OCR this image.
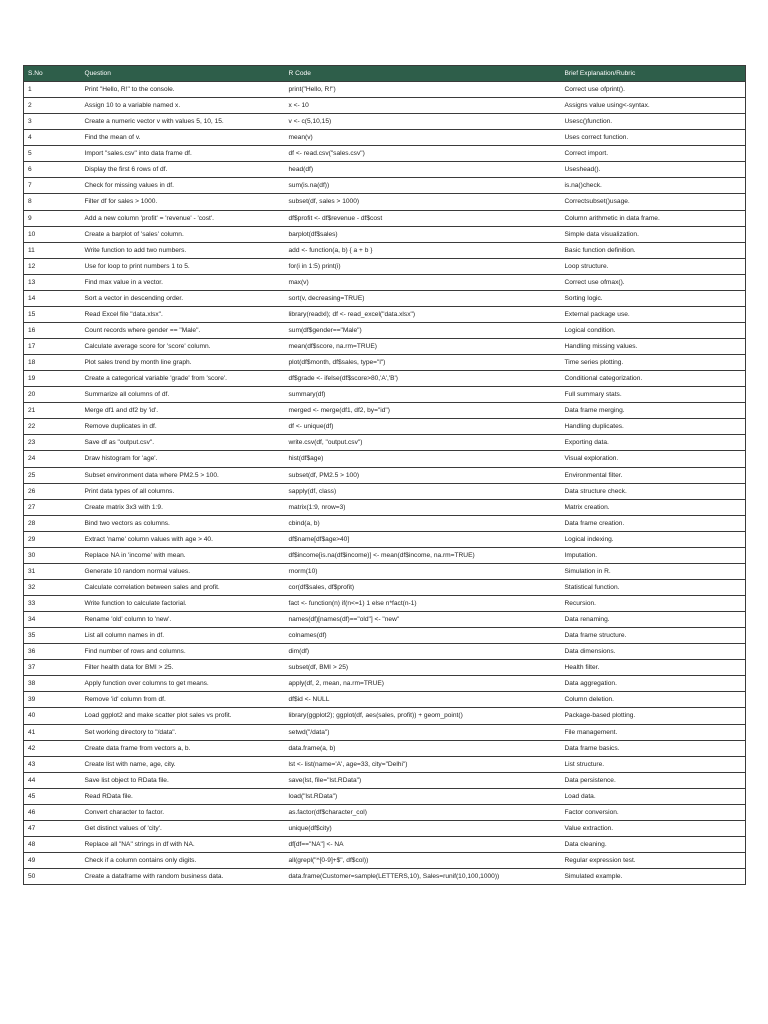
S.No	Question	R Code	Brief Explanation/Rubric
1	Print "Hello, R!" to the console.	print("Hello, R!")	Correct use ofprint().
2	Assign 10 to a variable named x.	x <- 10	Assigns value using<-syntax.
3	Create a numeric vector v with values 5, 10, 15.	v <- c(5,10,15)	Usesc()function.
4	Find the mean of v.	mean(v)	Uses correct function.
5	Import "sales.csv" into data frame df.	df <- read.csv("sales.csv")	Correct import.
6	Display the first 6 rows of df.	head(df)	Useshead().
7	Check for missing values in df.	sum(is.na(df))	is.na()check.
8	Filter df for sales > 1000.	subset(df, sales > 1000)	Correctsubset()usage.
9	Add a new column 'profit' = 'revenue' - 'cost'.	df$profit <- df$revenue - df$cost	Column arithmetic in data frame.
10	Create a barplot of 'sales' column.	barplot(df$sales)	Simple data visualization.
11	Write function to add two numbers.	add <- function(a, b) { a + b }	Basic function definition.
12	Use for loop to print numbers 1 to 5.	for(i in 1:5) print(i)	Loop structure.
13	Find max value in a vector.	max(v)	Correct use ofmax().
14	Sort a vector in descending order.	sort(v, decreasing=TRUE)	Sorting logic.
15	Read Excel file "data.xlsx".	library(readxl); df <- read_excel("data.xlsx")	External package use.
16	Count records where gender == "Male".	sum(df$gender=="Male")	Logical condition.
17	Calculate average score for 'score' column.	mean(df$score, na.rm=TRUE)	Handling missing values.
18	Plot sales trend by month line graph.	plot(df$month, df$sales, type="l")	Time series plotting.
19	Create a categorical variable 'grade' from 'score'.	df$grade <- ifelse(df$score>80,'A','B')	Conditional categorization.
20	Summarize all columns of df.	summary(df)	Full summary stats.
21	Merge df1 and df2 by 'id'.	merged <- merge(df1, df2, by="id")	Data frame merging.
22	Remove duplicates in df.	df <- unique(df)	Handling duplicates.
23	Save df as "output.csv".	write.csv(df, "output.csv")	Exporting data.
24	Draw histogram for 'age'.	hist(df$age)	Visual exploration.
25	Subset environment data where PM2.5 > 100.	subset(df, PM2.5 > 100)	Environmental filter.
26	Print data types of all columns.	sapply(df, class)	Data structure check.
27	Create matrix 3x3 with 1:9.	matrix(1:9, nrow=3)	Matrix creation.
28	Bind two vectors as columns.	cbind(a, b)	Data frame creation.
29	Extract 'name' column values with age > 40.	df$name[df$age>40]	Logical indexing.
30	Replace NA in 'income' with mean.	df$income[is.na(df$income)] <- mean(df$income, na.rm=TRUE)	Imputation.
31	Generate 10 random normal values.	rnorm(10)	Simulation in R.
32	Calculate correlation between sales and profit.	cor(df$sales, df$profit)	Statistical function.
33	Write function to calculate factorial.	fact <- function(n) if(n<=1) 1 else n*fact(n-1)	Recursion.
34	Rename 'old' column to 'new'.	names(df)[names(df)=="old"] <- "new"	Data renaming.
35	List all column names in df.	colnames(df)	Data frame structure.
36	Find number of rows and columns.	dim(df)	Data dimensions.
37	Filter health data for BMI > 25.	subset(df, BMI > 25)	Health filter.
38	Apply function over columns to get means.	apply(df, 2, mean, na.rm=TRUE)	Data aggregation.
39	Remove 'id' column from df.	df$id <- NULL	Column deletion.
40	Load ggplot2 and make scatter plot sales vs profit.	library(ggplot2); ggplot(df, aes(sales, profit)) + geom_point()	Package-based plotting.
41	Set working directory to "/data".	setwd("/data")	File management.
42	Create data frame from vectors a, b.	data.frame(a, b)	Data frame basics.
43	Create list with name, age, city.	lst <- list(name='A', age=33, city="Delhi")	List structure.
44	Save list object to RData file.	save(lst, file="lst.RData")	Data persistence.
45	Read RData file.	load("lst.RData")	Load data.
46	Convert character to factor.	as.factor(df$character_col)	Factor conversion.
47	Get distinct values of 'city'.	unique(df$city)	Value extraction.
48	Replace all "NA" strings in df with NA.	df[df=="NA"] <- NA	Data cleaning.
49	Check if a column contains only digits.	all(grepl("^[0-9]+$", df$col))	Regular expression test.
50	Create a dataframe with random business data.	data.frame(Customer=sample(LETTERS,10), Sales=runif(10,100,1000))	Simulated example.
